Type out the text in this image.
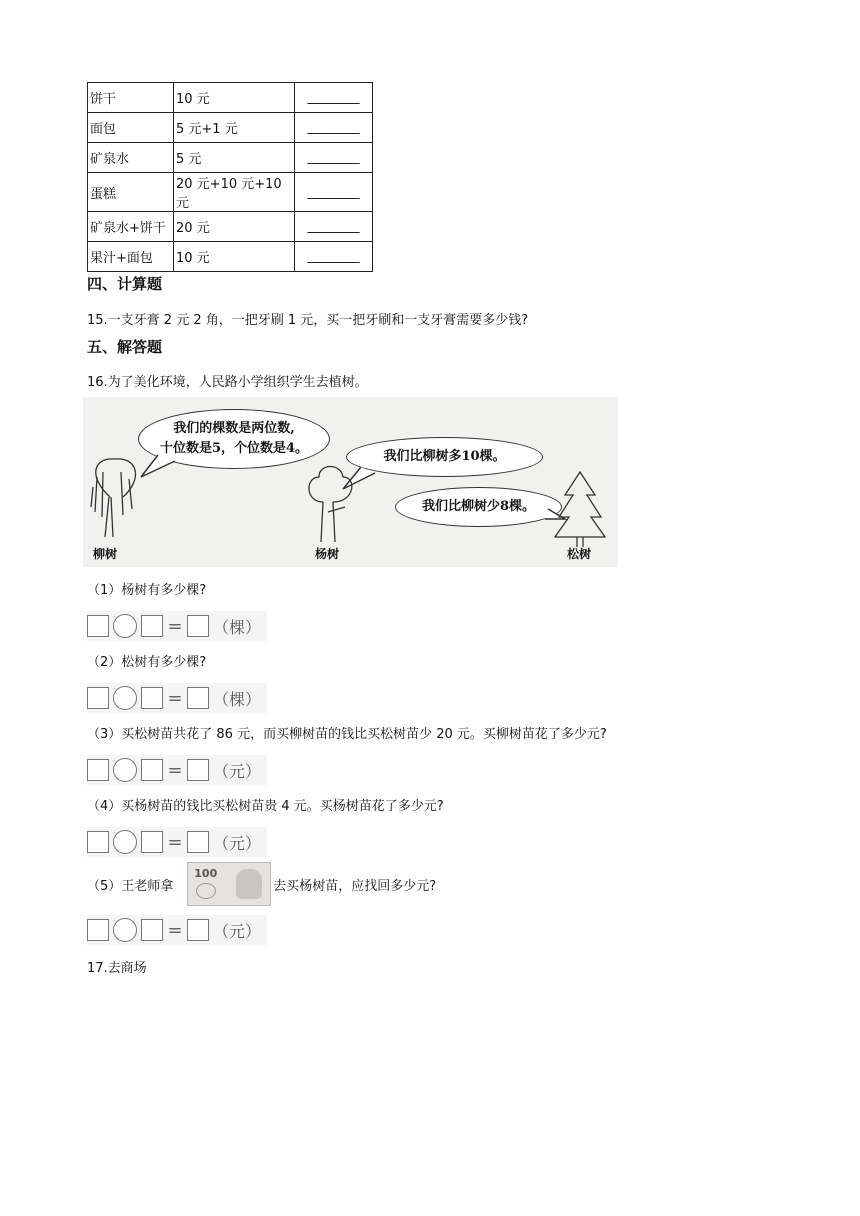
饼干	10 元	________
面包	5 元+1 元	________
矿泉水	5 元	________
蛋糕	20 元+10 元+10 元	________
矿泉水+饼干	20 元	________
果汁+面包	10 元	________
四、计算题
15.一支牙膏 2 元 2 角，一把牙刷 1 元，买一把牙刷和一支牙膏需要多少钱?
五、解答题
16.为了美化环境，人民路小学组织学生去植树。
我们的棵数是两位数,
十位数是5，个位数是4。
我们比柳树多10棵。
我们比柳树少8棵。
柳树	杨树	松树
（1）杨树有多少棵?
= （棵）
（2）松树有多少棵?
= （棵）
（3）买松树苗共花了 86 元，而买柳树苗的钱比买松树苗少 20 元。买柳树苗花了多少元?
= （元）
（4）买杨树苗的钱比买松树苗贵 4 元。买杨树苗花了多少元?
= （元）
（5）王老师拿
100
去买杨树苗，应找回多少元?
= （元）
17.去商场
